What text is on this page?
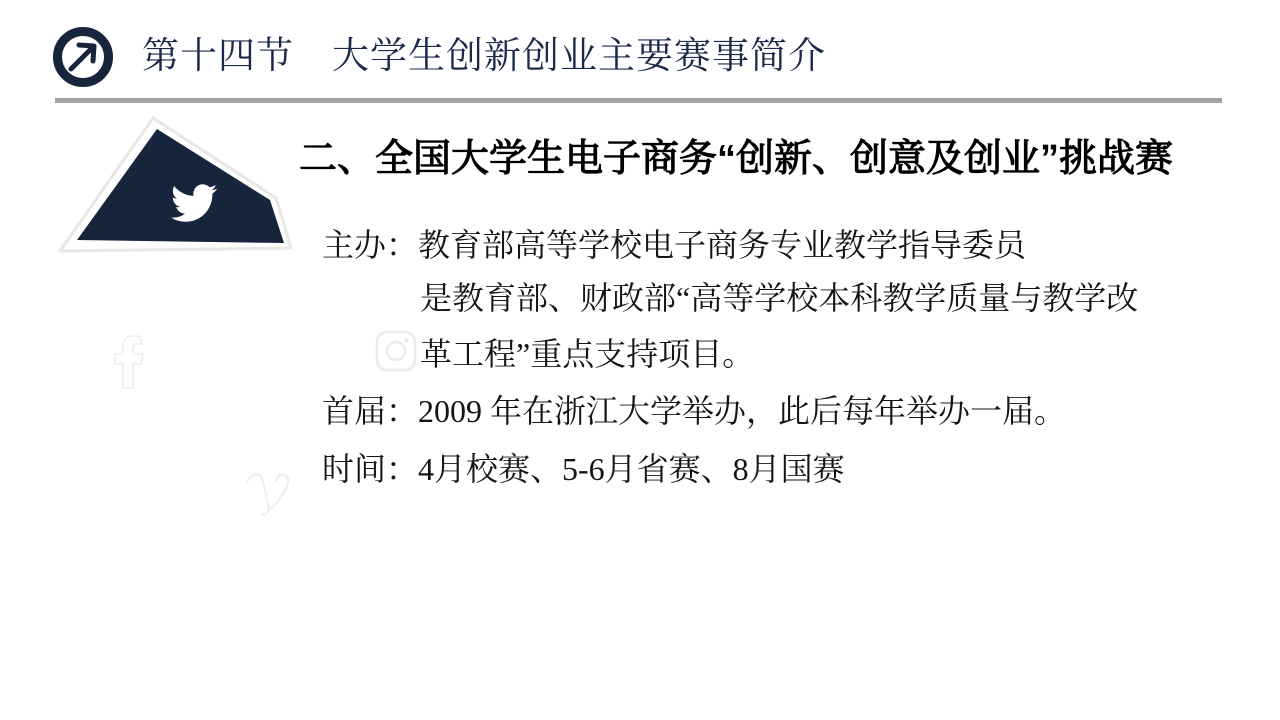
第十四节　大学生创新创业主要赛事简介
二、全国大学生电子商务“创新、创意及创业”挑战赛
主办：教育部高等学校电子商务专业教学指导委员
是教育部、财政部“高等学校本科教学质量与教学改
革工程”重点支持项目。
首届：2009 年在浙江大学举办，此后每年举办一届。
时间：4月校赛、5-6月省赛、8月国赛
